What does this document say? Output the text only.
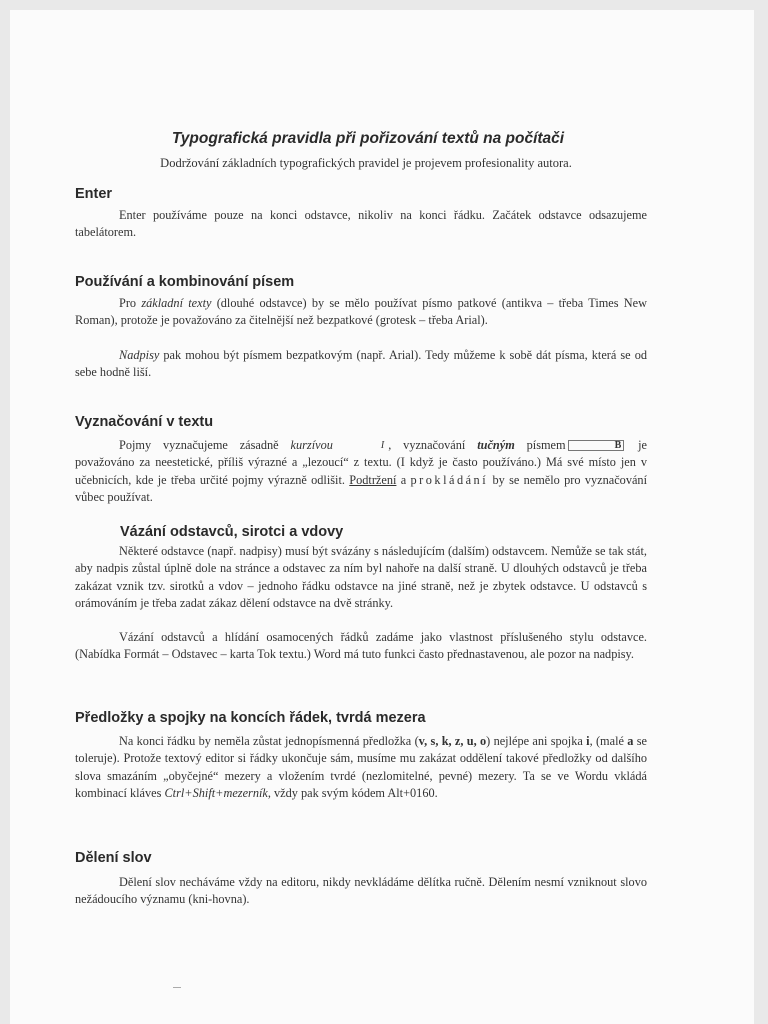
Typografická pravidla při pořizování textů na počítači
Dodržování základních typografických pravidel je projevem profesionality autora.
Enter
Enter používáme pouze na konci odstavce, nikoliv na konci řádku. Začátek odstavce odsazujeme tabelátorem.
Používání a kombinování písem
Pro základní texty (dlouhé odstavce) by se mělo používat písmo patkové (antikva – třeba Times New Roman), protože je považováno za čitelnější než bezpatkové (grotesk – třeba Arial).
Nadpisy pak mohou být písmem bezpatkovým (např. Arial). Tedy můžeme k sobě dát písma, která se od sebe hodně liší.
Vyznačování v textu
Pojmy vyznačujeme zásadně kurzívou	I , vyznačování tučným písmem	B je považováno za neestetické, příliš výrazné a „lezoucí“ z textu. (I když je často používáno.) Má své místo jen v učebnicích, kde je třeba určité pojmy výrazně odlišit. Podtržení a prokládání by se nemělo pro vyznačování vůbec používat.
Vázání odstavců, sirotci a vdovy
Některé odstavce (např. nadpisy) musí být svázány s následujícím (dalším) odstavcem. Nemůže se tak stát, aby nadpis zůstal úplně dole na stránce a odstavec za ním byl nahoře na další straně. U dlouhých odstavců je třeba zakázat vznik tzv. sirotků a vdov – jednoho řádku odstavce na jiné straně, než je zbytek odstavce. U odstavců s orámováním je třeba zadat zákaz dělení odstavce na dvě stránky.
Vázání odstavců a hlídání osamocených řádků zadáme jako vlastnost příslušeného stylu odstavce. (Nabídka Formát – Odstavec – karta Tok textu.) Word má tuto funkci často přednastavenou, ale pozor na nadpisy.
Předložky a spojky na koncích řádek, tvrdá mezera
Na konci řádku by neměla zůstat jednopísmenná předložka (v, s, k, z, u, o) nejlépe ani spojka i, (malé a se toleruje). Protože textový editor si řádky ukončuje sám, musíme mu zakázat oddělení takové předložky od dalšího slova smazáním „obyčejné“ mezery a vložením tvrdé (nezlomitelné, pevné) mezery. Ta se ve Wordu vkládá kombinací kláves Ctrl+Shift+mezerník, vždy pak svým kódem Alt+0160.
Dělení slov
Dělení slov necháváme vždy na editoru, nikdy nevkládáme dělítka ručně. Dělením nesmí vzniknout slovo nežádoucího významu (kni-hovna).
